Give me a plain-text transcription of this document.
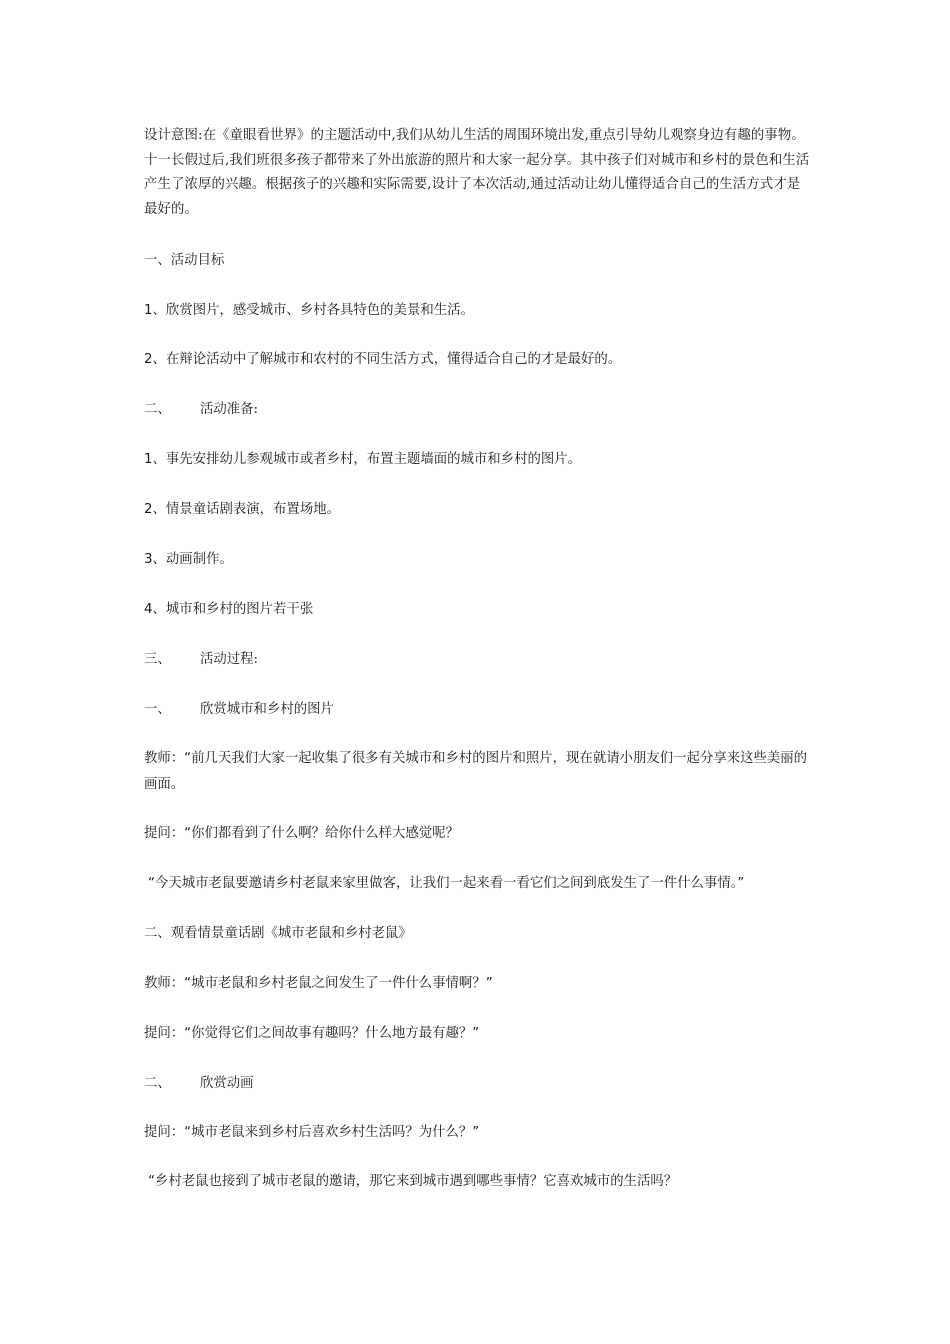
设计意图:在《童眼看世界》的主题活动中,我们从幼儿生活的周围环境出发,重点引导幼儿观察身边有趣的事物。十一长假过后,我们班很多孩子都带来了外出旅游的照片和大家一起分享。其中孩子们对城市和乡村的景色和生活产生了浓厚的兴趣。根据孩子的兴趣和实际需要,设计了本次活动,通过活动让幼儿懂得适合自己的生活方式才是最好的。

一、活动目标

1、欣赏图片，感受城市、乡村各具特色的美景和生活。

2、在辩论活动中了解城市和农村的不同生活方式，懂得适合自己的才是最好的。

二、 活动准备:

1、事先安排幼儿参观城市或者乡村，布置主题墙面的城市和乡村的图片。

2、情景童话剧表演，布置场地。

3、动画制作。

4、城市和乡村的图片若干张

三、 活动过程:

一、 欣赏城市和乡村的图片

教师：“前几天我们大家一起收集了很多有关城市和乡村的图片和照片，现在就请小朋友们一起分享来这些美丽的画面。

提问：“你们都看到了什么啊？给你什么样大感觉呢？

“今天城市老鼠要邀请乡村老鼠来家里做客，让我们一起来看一看它们之间到底发生了一件什么事情。”

二、观看情景童话剧《城市老鼠和乡村老鼠》

教师：“城市老鼠和乡村老鼠之间发生了一件什么事情啊？”

提问：“你觉得它们之间故事有趣吗？什么地方最有趣？”

二、 欣赏动画

提问：“城市老鼠来到乡村后喜欢乡村生活吗？为什么？”

“乡村老鼠也接到了城市老鼠的邀请，那它来到城市遇到哪些事情？它喜欢城市的生活吗？
